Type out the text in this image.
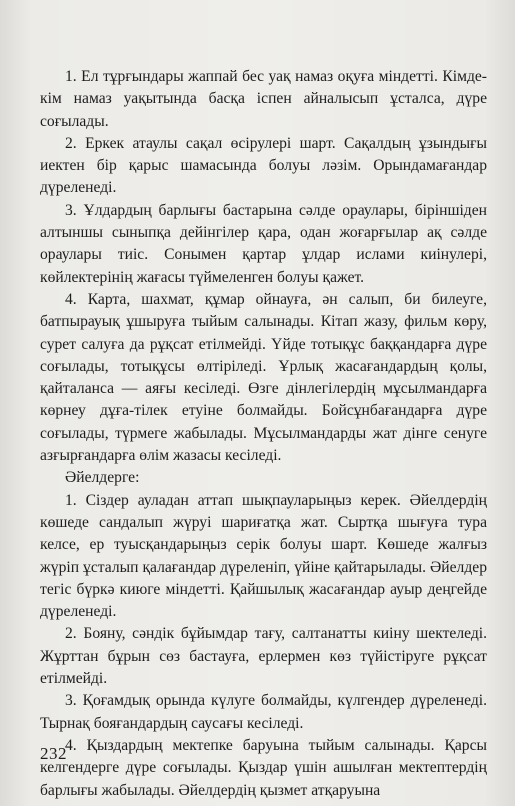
1. Ел тұрғындары жаппай бес уақ намаз оқуға міндетті. Кімде-кім намаз уақытында басқа іспен айналысып ұсталса, дүре соғылады.

2. Еркек атаулы сақал өсірулері шарт. Сақалдың ұзындығы иектен бір қарыс шамасында болуы ләзім. Орындамағандар дүреленеді.

3. Ұлдардың барлығы бастарына сәлде ораулары, біріншіден алтыншы сыныпқа дейінгілер қара, одан жоғарғылар ақ сәлде ораулары тиіс. Сонымен қартар ұлдар ислами киінулері, көйлектерінің жағасы түймеленген болуы қажет.

4. Карта, шахмат, құмар ойнауға, ән салып, би билеуге, батпырауық ұшыруға тыйым салынады. Кітап жазу, фильм көру, сурет салуға да рұқсат етілмейді. Үйде тотықұс баққандарға дүре соғылады, тотықұсы өлтіріледі. Ұрлық жасағандардың қолы, қайталанса — аяғы кесіледі. Өзге дінлегілердің мұсылмандарға көрнеу дұға-тілек етуіне болмайды. Бойсұнбағандарға дүре соғылады, түрмеге жабылады. Мұсылмандарды жат дінге сенуге азғырғандарға өлім жазасы кесіледі.

Әйелдерге:

1. Сіздер ауладан аттап шықпауларыңыз керек. Әйелдердің көшеде сандалып жүруі шариғатқа жат. Сыртқа шығуға тура келсе, ер туысқандарыңыз серік болуы шарт. Көшеде жалғыз жүріп ұсталып қалағандар дүреленіп, үйіне қайтарылады. Әйелдер тегіс бүркə киюге міндетті. Қайшылық жасағандар ауыр деңгейде дүреленеді.

2. Бояну, сәндік бұйымдар тағу, салтанатты киіну шектеледі. Жұрттан бұрын сөз бастауға, ерлермен көз түйістіруге рұқсат етілмейді.

3. Қоғамдық орында күлуге болмайды, күлгендер дүреленеді. Тырнақ бояғандардың саусағы кесіледі.

4. Қыздардың мектепке баруына тыйым салынады. Қарсы келгендерге дүре соғылады. Қыздар үшін ашылған мектептердің барлығы жабылады. Әйелдердің қызмет атқаруына

232
